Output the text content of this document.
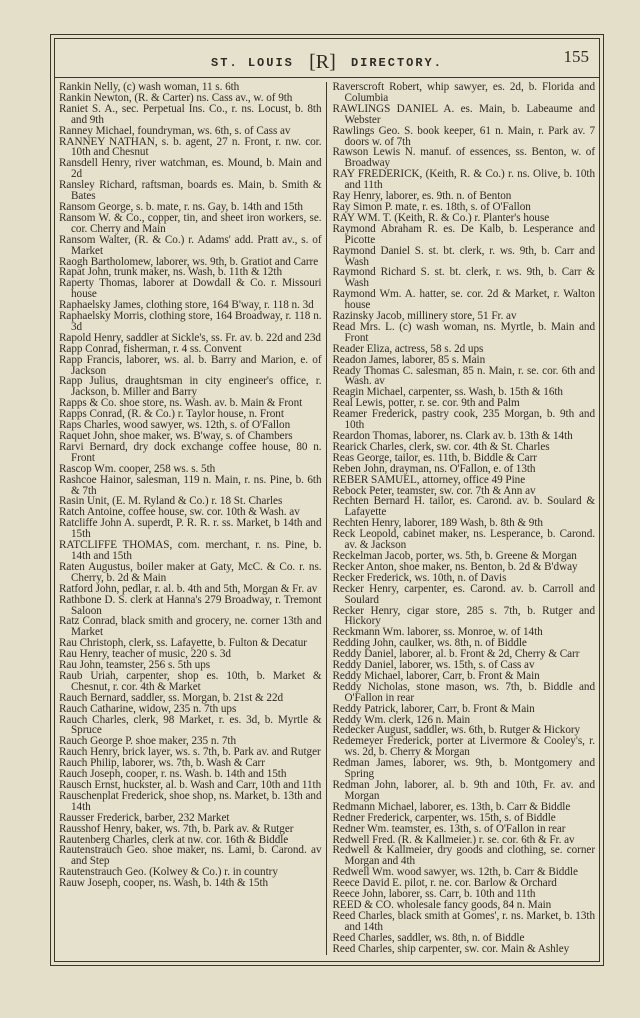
ST. LOUIS [R] DIRECTORY.	155

Rankin Nelly, (c) wash woman, 11 s. 6th

Rankin Newton, (R. & Carter) ns. Cass av., w. of 9th

Raniet S. A., sec. Perpetual Ins. Co., r. ns. Locust, b. 8th and 9th

Ranney Michael, foundryman, ws. 6th, s. of Cass av

RANNEY NATHAN, s. b. agent, 27 n. Front, r. nw. cor. 10th and Chesnut

Ransdell Henry, river watchman, es. Mound, b. Main and 2d

Ransley Richard, raftsman, boards es. Main, b. Smith & Bates

Ransom George, s. b. mate, r. ns. Gay, b. 14th and 15th

Ransom W. & Co., copper, tin, and sheet iron workers, se. cor. Cherry and Main

Ransom Walter, (R. & Co.) r. Adams' add. Pratt av., s. of Market

Raogh Bartholomew, laborer, ws. 9th, b. Gratiot and Carre

Rapat John, trunk maker, ns. Wash, b. 11th & 12th

Raperty Thomas, laborer at Dowdall & Co. r. Missouri house

Raphaelsky James, clothing store, 164 B'way, r. 118 n. 3d

Raphaelsky Morris, clothing store, 164 Broadway, r. 118 n. 3d

Rapold Henry, saddler at Sickle's, ss. Fr. av. b. 22d and 23d

Rapp Conrad, fisherman, r. 4 ss. Convent

Rapp Francis, laborer, ws. al. b. Barry and Marion, e. of Jackson

Rapp Julius, draughtsman in city engineer's office, r. Jackson, b. Miller and Barry

Rapps & Co. shoe store, ns. Wash. av. b. Main & Front

Rapps Conrad, (R. & Co.) r. Taylor house, n. Front

Raps Charles, wood sawyer, ws. 12th, s. of O'Fallon

Raquet John, shoe maker, ws. B'way, s. of Chambers

Rarvi Bernard, dry dock exchange coffee house, 80 n. Front

Rascop Wm. cooper, 258 ws. s. 5th

Rashcoe Hainor, salesman, 119 n. Main, r. ns. Pine, b. 6th & 7th

Rasin Unit, (E. M. Ryland & Co.) r. 18 St. Charles

Ratch Antoine, coffee house, sw. cor. 10th & Wash. av

Ratcliffe John A. superdt, P. R. R. r. ss. Market, b 14th and 15th

RATCLIFFE THOMAS, com. merchant, r. ns. Pine, b. 14th and 15th

Raten Augustus, boiler maker at Gaty, McC. & Co. r. ns. Cherry, b. 2d & Main

Ratford John, pedlar, r. al. b. 4th and 5th, Morgan & Fr. av

Rathbone D. S. clerk at Hanna's 279 Broadway, r. Tremont Saloon

Ratz Conrad, black smith and grocery, ne. corner 13th and Market

Rau Christoph, clerk, ss. Lafayette, b. Fulton & Decatur

Rau Henry, teacher of music, 220 s. 3d

Rau John, teamster, 256 s. 5th ups

Raub Uriah, carpenter, shop es. 10th, b. Market & Chesnut, r. cor. 4th & Market

Rauch Bernard, saddler, ss. Morgan, b. 21st & 22d

Rauch Catharine, widow, 235 n. 7th ups

Rauch Charles, clerk, 98 Market, r. es. 3d, b. Myrtle & Spruce

Rauch George P. shoe maker, 235 n. 7th

Rauch Henry, brick layer, ws. s. 7th, b. Park av. and Rutger

Rauch Philip, laborer, ws. 7th, b. Wash & Carr

Rauch Joseph, cooper, r. ns. Wash. b. 14th and 15th

Rausch Ernst, huckster, al. b. Wash and Carr, 10th and 11th

Rauschenplat Frederick, shoe shop, ns. Market, b. 13th and 14th

Rausser Frederick, barber, 232 Market

Rausshof Henry, baker, ws. 7th, b. Park av. & Rutger

Rautenberg Charles, clerk at nw. cor. 16th & Biddle

Rautenstrauch Geo. shoe maker, ns. Lami, b. Carond. av and Step

Rautenstrauch Geo. (Kolwey & Co.) r. in country

Rauw Joseph, cooper, ns. Wash, b. 14th & 15th

Raverscroft Robert, whip sawyer, es. 2d, b. Florida and Columbia

RAWLINGS DANIEL A. es. Main, b. Labeaume and Webster

Rawlings Geo. S. book keeper, 61 n. Main, r. Park av. 7 doors w. of 7th

Rawson Lewis N. manuf. of essences, ss. Benton, w. of Broadway

RAY FREDERICK, (Keith, R. & Co.) r. ns. Olive, b. 10th and 11th

Ray Henry, laborer, es. 9th. n. of Benton

Ray Simon P. mate, r. es. 18th, s. of O'Fallon

RAY WM. T. (Keith, R. & Co.) r. Planter's house

Raymond Abraham R. es. De Kalb, b. Lesperance and Picotte

Raymond Daniel S. st. bt. clerk, r. ws. 9th, b. Carr and Wash

Raymond Richard S. st. bt. clerk, r. ws. 9th, b. Carr & Wash

Raymond Wm. A. hatter, se. cor. 2d & Market, r. Walton house

Razinsky Jacob, millinery store, 51 Fr. av

Read Mrs. L. (c) wash woman, ns. Myrtle, b. Main and Front

Reader Eliza, actress, 58 s. 2d ups

Readon James, laborer, 85 s. Main

Ready Thomas C. salesman, 85 n. Main, r. se. cor. 6th and Wash. av

Reagin Michael, carpenter, ss. Wash, b. 15th & 16th

Real Lewis, potter, r. se. cor. 9th and Palm

Reamer Frederick, pastry cook, 235 Morgan, b. 9th and 10th

Reardon Thomas, laborer, ns. Clark av. b. 13th & 14th

Rearick Charles, clerk, sw. cor. 4th & St. Charles

Reas George, tailor, es. 11th, b. Biddle & Carr

Reben John, drayman, ns. O'Fallon, e. of 13th

REBER SAMUEL, attorney, office 49 Pine

Rebock Peter, teamster, sw. cor. 7th & Ann av

Rechten Bernard H. tailor, es. Carond. av. b. Soulard & Lafayette

Rechten Henry, laborer, 189 Wash, b. 8th & 9th

Reck Leopold, cabinet maker, ns. Lesperance, b. Carond. av. & Jackson

Reckelman Jacob, porter, ws. 5th, b. Greene & Morgan

Recker Anton, shoe maker, ns. Benton, b. 2d & B'dway

Recker Frederick, ws. 10th, n. of Davis

Recker Henry, carpenter, es. Carond. av. b. Carroll and Soulard

Recker Henry, cigar store, 285 s. 7th, b. Rutger and Hickory

Reckmann Wm. laborer, ss. Monroe, w. of 14th

Redding John, caulker, ws. 8th, n. of Biddle

Reddy Daniel, laborer, al. b. Front & 2d, Cherry & Carr

Reddy Daniel, laborer, ws. 15th, s. of Cass av

Reddy Michael, laborer, Carr, b. Front & Main

Reddy Nicholas, stone mason, ws. 7th, b. Biddle and O'Fallon in rear

Reddy Patrick, laborer, Carr, b. Front & Main

Reddy Wm. clerk, 126 n. Main

Redecker August, saddler, ws. 6th, b. Rutger & Hickory

Redemeyer Frederick, porter at Livermore & Cooley's, r. ws. 2d, b. Cherry & Morgan

Redman James, laborer, ws. 9th, b. Montgomery and Spring

Redman John, laborer, al. b. 9th and 10th, Fr. av. and Morgan

Redmann Michael, laborer, es. 13th, b. Carr & Biddle

Redner Frederick, carpenter, ws. 15th, s. of Biddle

Redner Wm. teamster, es. 13th, s. of O'Fallon in rear

Redwell Fred. (R. & Kallmeier.) r. se. cor. 6th & Fr. av

Redwell & Kallmeier, dry goods and clothing, se. corner Morgan and 4th

Redwell Wm. wood sawyer, ws. 12th, b. Carr & Biddle

Reece David E. pilot, r. ne. cor. Barlow & Orchard

Reece John, laborer, ss. Carr, b. 10th and 11th

REED & CO. wholesale fancy goods, 84 n. Main

Reed Charles, black smith at Gomes', r. ns. Market, b. 13th and 14th

Reed Charles, saddler, ws. 8th, n. of Biddle

Reed Charles, ship carpenter, sw. cor. Main & Ashley
